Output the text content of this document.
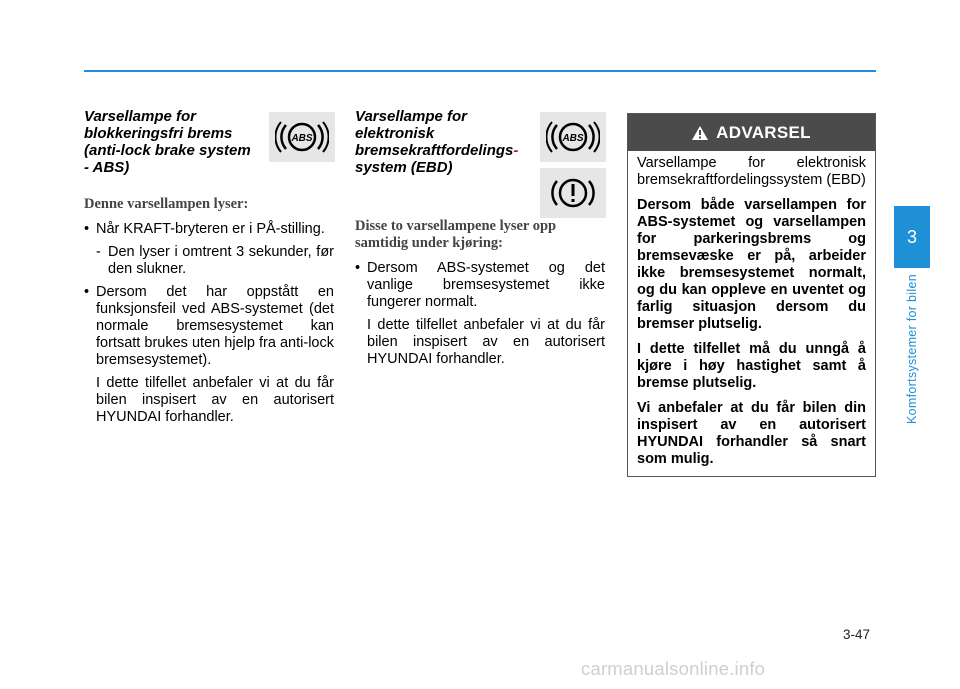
Varsellampe for blokkeringsfri brems (anti-lock brake system - ABS)
ABS

Denne varsellampen lyser:

• Når KRAFT-bryteren er i PÅ-stilling.

- Den lyser i omtrent 3 sekunder, før den slukner.

• Dersom det har oppstått en funksjonsfeil ved ABS-systemet (det normale bremsesystemet kan fortsatt brukes uten hjelp fra anti-lock bremsesystemet).

I dette tilfellet anbefaler vi at du får bilen inspisert av en autorisert HYUNDAI forhandler.

Varsellampe for elektronisk bremsekraftfordelings-
system (EBD)
ABS

Disse to varsellampene lyser opp samtidig under kjøring:

• Dersom ABS-systemet og det vanlige bremsesystemet ikke fungerer normalt.

I dette tilfellet anbefaler vi at du får bilen inspisert av en autorisert HYUNDAI forhandler.

ADVARSEL

Varsellampe for elektronisk bremsekraftfordelingssystem (EBD)

Dersom både varsellampen for ABS-systemet og varsellampen for parkeringsbrems og bremsevæske er på, arbeider ikke bremsesystemet normalt, og du kan oppleve en uventet og farlig situasjon dersom du bremser plutselig.

I dette tilfellet må du unngå å kjøre i høy hastighet samt å bremse plutselig.

Vi anbefaler at du får bilen din inspisert av en autorisert HYUNDAI forhandler så snart som mulig.

3
Komfortsystemer for bilen
3-47
carmanualsonline.info
